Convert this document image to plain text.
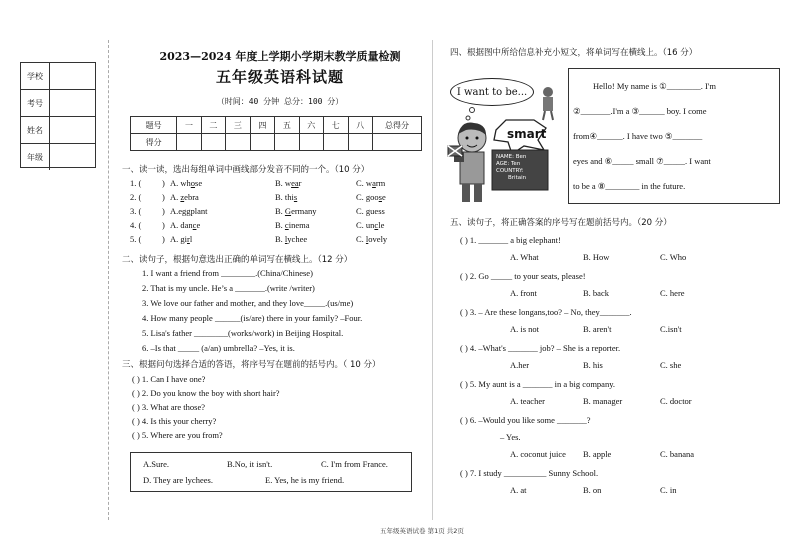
学校
考号
姓名
年级
2023—2024 年度上学期小学期末教学质量检测
五年级英语科试题
（时间：40 分钟 总分：100 分）
题号	一	二	三	四	五	六	七	八	总得分
得分									
一、读一读，选出每组单词中画线部分发音不同的一个。（10 分）
1. ( ) A. whose	B. wear	C. warm
2. ( ) A. zebra	B. this	C. goose
3. ( ) A.eggplant	B. Germany	C. guess
4. ( ) A. dance	B. cinema	C. uncle
5. ( ) A. girl	B. lychee	C. lovely
二、读句子，根据句意选出正确的单词写在横线上。（12 分）
1. I want a friend from ________.(China/Chinese)
2. That is my uncle. He’s a _______.(write /writer)
3. We love our father and mother, and they love_____.(us/me)
4. How many people ______(is/are) there in your family? –Four.
5. Lisa's father ________(works/work) in Beijing Hospital.
6. –Is that _____ (a/an) umbrella? –Yes, it is.
三、根据问句选择合适的答语，将序号写在题前的括号内。（ 10 分）
( ) 1. Can I have one?
( ) 2. Do you know the boy with short hair?
( ) 3. What are those?
( ) 4. Is this your cherry?
( ) 5. Where are you from?
A.Sure.	B.No, it isn't.	C. I'm from France.
D. They are lychees.	E. Yes, he is my friend.
四、根据图中所给信息补充小短文，将单词写在横线上。（16 分）
I want to be...
smart
NAME: Ben
AGE: Ten
COUNTRY:
Britain
Hello! My name is ①________. I'm
②_______.I'm a ③______ boy. I come
from④______. I have two ⑤_______
eyes and ⑥_____ small ⑦_____. I want
to be a ⑧________ in the future.
五、读句子，将正确答案的序号写在题前括号内。（20 分）
( ) 1. _______ a big elephant!
A. What	B. How	C. Who
( ) 2. Go _____ to your seats, please!
A. front	B. back	C. here
( ) 3. – Are these longans,too? – No, they_______.
A. is not	B. aren't	C.isn't
( ) 4. –What's _______ job? – She is a reporter.
A.her	B. his	C. she
( ) 5. My aunt is a _______ in a big company.
A. teacher	B. manager	C. doctor
( ) 6. –Would you like some _______?
– Yes.
A. coconut juice B. apple	C. banana
( ) 7. I study __________ Sunny School.
A. at	B. on	C. in
五年级英语试卷 第1页 共2页
